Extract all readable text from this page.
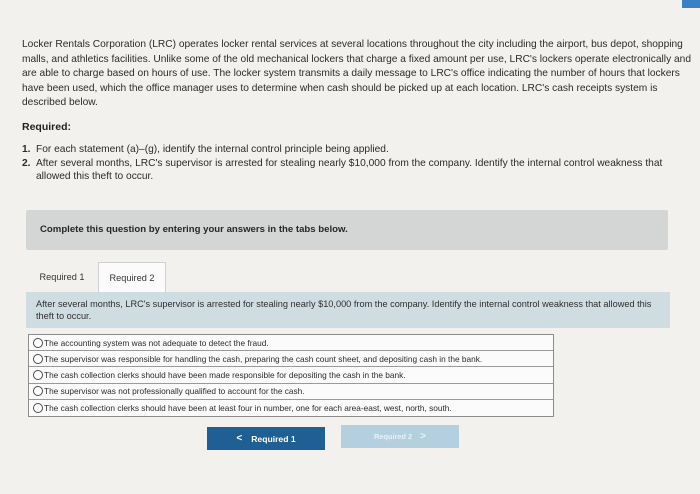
Locker Rentals Corporation (LRC) operates locker rental services at several locations throughout the city including the airport, bus depot, shopping malls, and athletics facilities. Unlike some of the old mechanical lockers that charge a fixed amount per use, LRC's lockers operate electronically and are able to charge based on hours of use. The locker system transmits a daily message to LRC's office indicating the number of hours that lockers have been used, which the office manager uses to determine when cash should be picked up at each location. LRC's cash receipts system is described below.
Required:
1. For each statement (a)–(g), identify the internal control principle being applied.
2. After several months, LRC's supervisor is arrested for stealing nearly $10,000 from the company. Identify the internal control weakness that allowed this theft to occur.
Complete this question by entering your answers in the tabs below.
Required 1	Required 2
After several months, LRC's supervisor is arrested for stealing nearly $10,000 from the company. Identify the internal control weakness that allowed this theft to occur.
The accounting system was not adequate to detect the fraud.
The supervisor was responsible for handling the cash, preparing the cash count sheet, and depositing cash in the bank.
The cash collection clerks should have been made responsible for depositing the cash in the bank.
The supervisor was not professionally qualified to account for the cash.
The cash collection clerks should have been at least four in number, one for each area-east, west, north, south.
< Required 1	Required 2 >
